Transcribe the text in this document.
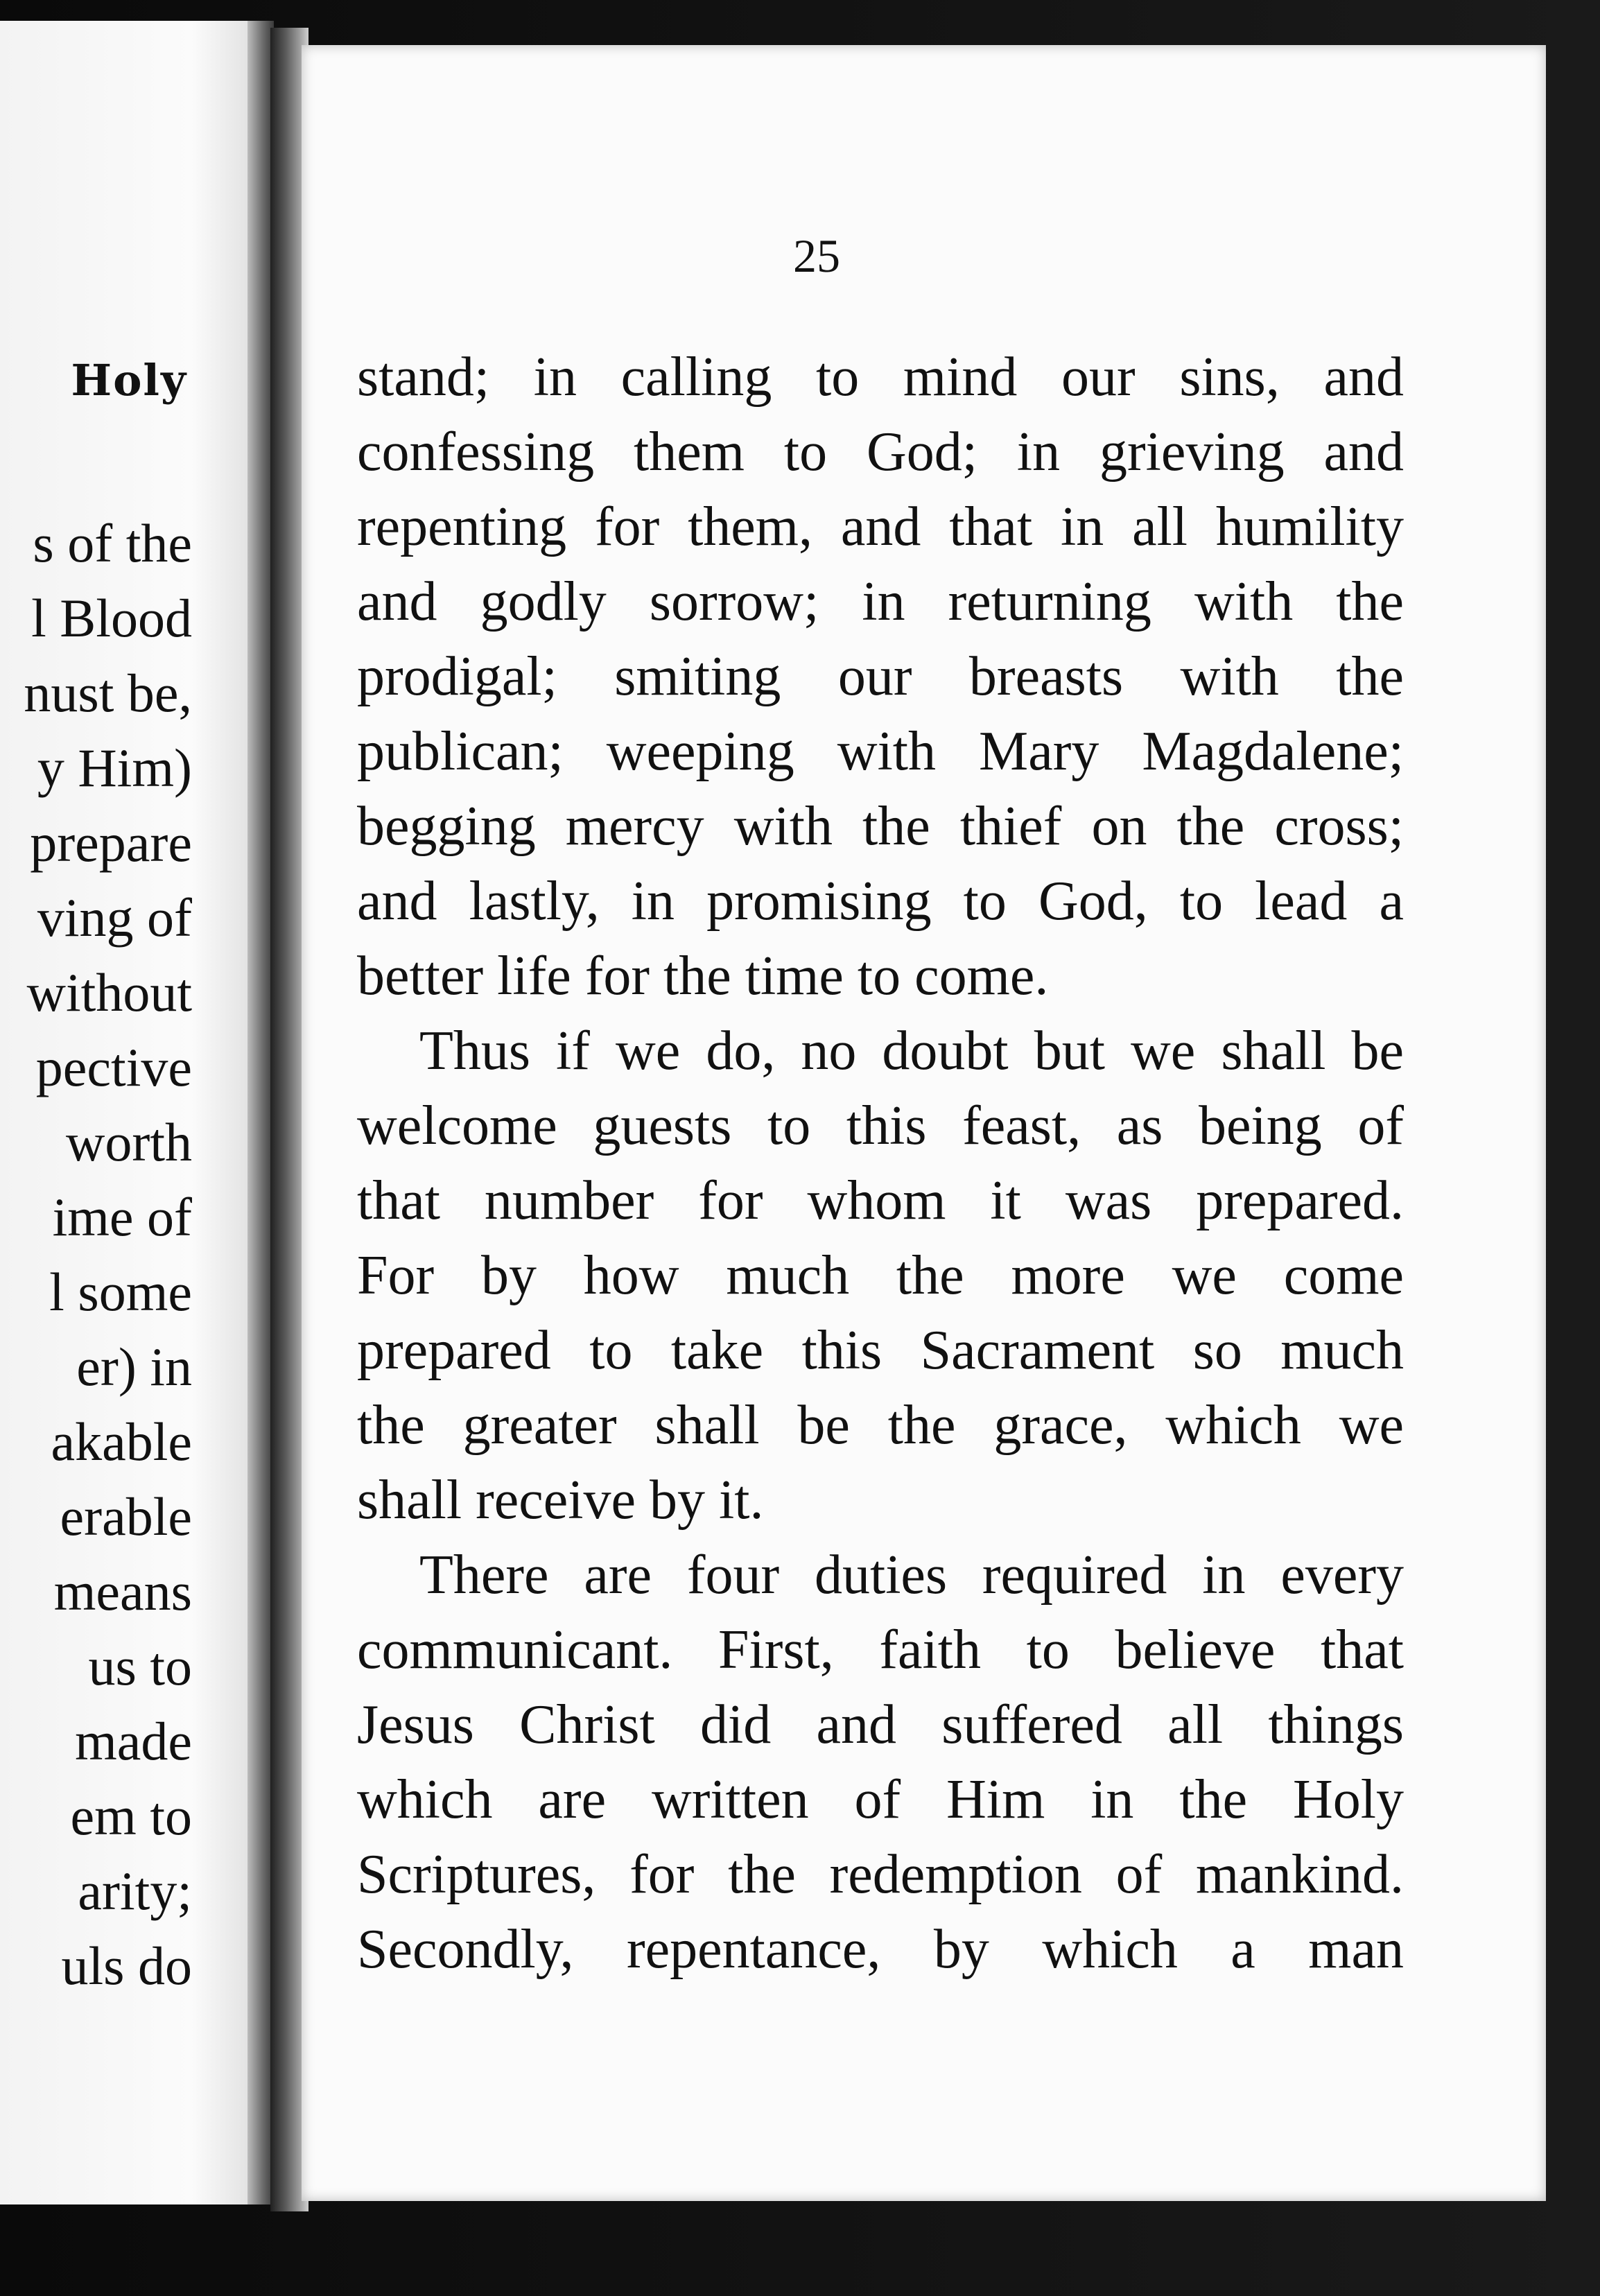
Holy
s of the
l Blood
nust be,
y Him)
prepare
ving of
without
pective
worth
ime of
l some
er) in
akable
erable
means
us to
made
em to
arity;
uls do
25
stand; in calling to mind our sins, and
confessing them to God; in grieving and
repenting for them, and that in all humility
and godly sorrow; in returning with the
prodigal; smiting our breasts with the
publican; weeping with Mary Magdalene;
begging mercy with the thief on the cross;
and lastly, in promising to God, to lead a
better life for the time to come.
Thus if we do, no doubt but we shall be
welcome guests to this feast, as being of
that number for whom it was prepared.
For by how much the more we come
prepared to take this Sacrament so much
the greater shall be the grace, which we
shall receive by it.
There are four duties required in every
communicant. First, faith to believe that
Jesus Christ did and suffered all things
which are written of Him in the Holy
Scriptures, for the redemption of mankind.
Secondly, repentance, by which a man
